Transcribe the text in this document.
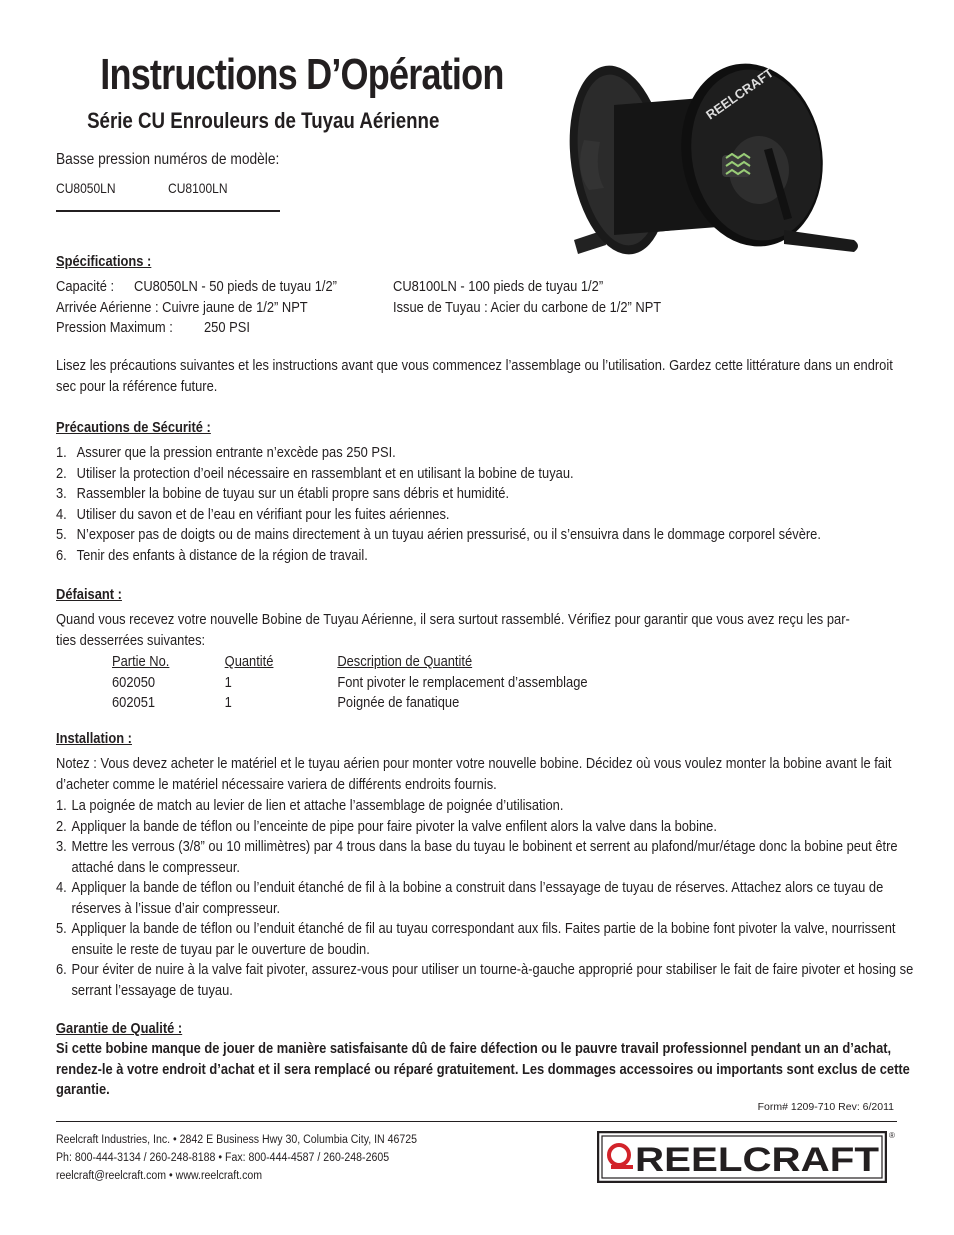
Instructions D’Opération
Série CU Enrouleurs de Tuyau Aérienne
Basse pression numéros de modèle:
CU8050LN	CU8100LN
REELCRAFT
Spécifications :
Capacité : CU8050LN - 50 pieds de tuyau 1/2”	CU8100LN - 100 pieds de tuyau 1/2”
Arrivée Aérienne : Cuivre jaune de 1/2” NPT	Issue de Tuyau : Acier du carbone de 1/2” NPT
Pression Maximum : 250 PSI
Lisez les précautions suivantes et les instructions avant que vous commencez l’assemblage ou l’utilisation. Gardez cette littérature dans un endroit sec pour la référence future.
Précautions de Sécurité :
1. Assurer que la pression entrante n’excède pas 250 PSI.
2. Utiliser la protection d’oeil nécessaire en rassemblant et en utilisant la bobine de tuyau.
3. Rassembler la bobine de tuyau sur un établi propre sans débris et humidité.
4. Utiliser du savon et de l’eau en vérifiant pour les fuites aériennes.
5. N’exposer pas de doigts ou de mains directement à un tuyau aérien pressurisé, ou il s’ensuivra dans le dommage corporel sévère.
6. Tenir des enfants à distance de la région de travail.
Défaisant :
Quand vous recevez votre nouvelle Bobine de Tuyau Aérienne, il sera surtout rassemblé. Vérifiez pour garantir que vous avez reçu les par-
ties desserrées suivantes:
Partie No.	Quantité	Description de Quantité
602050	1	Font pivoter le remplacement d’assemblage
602051	1	Poignée de fanatique
Installation :
Notez : Vous devez acheter le matériel et le tuyau aérien pour monter votre nouvelle bobine. Décidez où vous voulez monter la bobine avant le fait d’acheter comme le matériel nécessaire variera de différents endroits fournis.
1. La poignée de match au levier de lien et attache l’assemblage de poignée d’utilisation.
2. Appliquer la bande de téflon ou l’enceinte de pipe pour faire pivoter la valve enfilent alors la valve dans la bobine.
3. Mettre les verrous (3/8” ou 10 millimètres) par 4 trous dans la base du tuyau le bobinent et serrent au plafond/mur/étage donc la bobine peut être attaché dans le compresseur.
4. Appliquer la bande de téflon ou l’enduit étanché de fil à la bobine a construit dans l’essayage de tuyau de réserves. Attachez alors ce tuyau de réserves à l’issue d’air compresseur.
5. Appliquer la bande de téflon ou l’enduit étanché de fil au tuyau correspondant aux fils. Faites partie de la bobine font pivoter la valve, nourrissent ensuite le reste de tuyau par le ouverture de boudin.
6. Pour éviter de nuire à la valve fait pivoter, assurez-vous pour utiliser un tourne-à-gauche approprié pour stabiliser le fait de faire pivoter et hosing se serrant l’essayage de tuyau.
Garantie de Qualité :
Si cette bobine manque de jouer de manière satisfaisante dû de faire défection ou le pauvre travail professionnel pendant un an d’achat, rendez-le à votre endroit d’achat et il sera remplacé ou réparé gratuitement. Les dommages accessoires ou importants sont exclus de cette garantie.
Form# 1209-710 Rev: 6/2011
Reelcraft Industries, Inc. • 2842 E Business Hwy 30, Columbia City, IN 46725
Ph: 800-444-3134 / 260-248-8188 • Fax: 800-444-4587 / 260-248-2605
reelcraft@reelcraft.com • www.reelcraft.com	REELCRAFT
®
